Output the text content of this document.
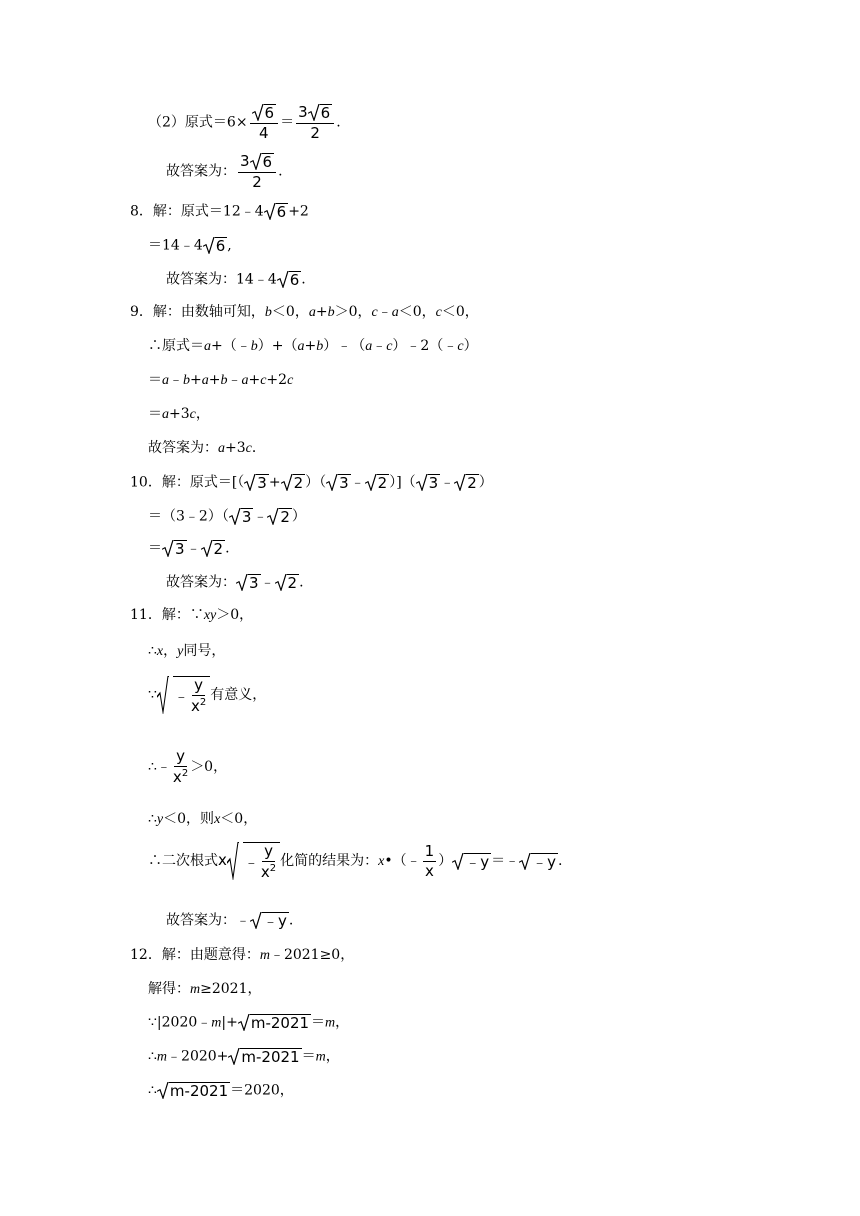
（2）原式$=6\times \frac{6}{4} = \frac{3 6}{2}$ .
故答案为： $\frac{3 6}{2}$ .
8．解：原式＝12﹣4 6 +2
＝14﹣4 6 ,
故答案为：14﹣4 6 .
9．解：由数轴可知，b＜0，a+b＞0，c﹣a＜0，c＜0，
∴原式＝a+（﹣b）+（a+b）﹣（a﹣c）﹣2（﹣c）
＝a﹣b+a+b﹣a+c+2c
＝a+3c，
故答案为：a+3c．
10．解：原式＝[（ 3 + 2 ）（ 3 ﹣ 2 ）]（ 3 ﹣ 2 ）
＝（3﹣2）（ 3 ﹣ 2 ）
＝ 3 ﹣ 2 .
故答案为： 3 ﹣ 2 .
11．解：∵xy＞0，
∴x，y同号，
∵ ﹣ $\frac{y}{x^2}$ 有意义，
∴﹣ $\frac{y}{x^2} >0$，
∴y＜0，则x＜0，
∴二次根式x ﹣ $\frac{y}{x^2}$ 化简的结果为：x•（﹣ $\frac{1}{x}$ ） ﹣y ＝﹣ ﹣y .
故答案为：﹣ ﹣y .
12．解：由题意得：m﹣2021≥0，
解得：m≥2021，
∵|2020﹣m|+ m-2021 ＝m，
∴m﹣2020+ m-2021 ＝m，
∴ m-2021 ＝2020，
